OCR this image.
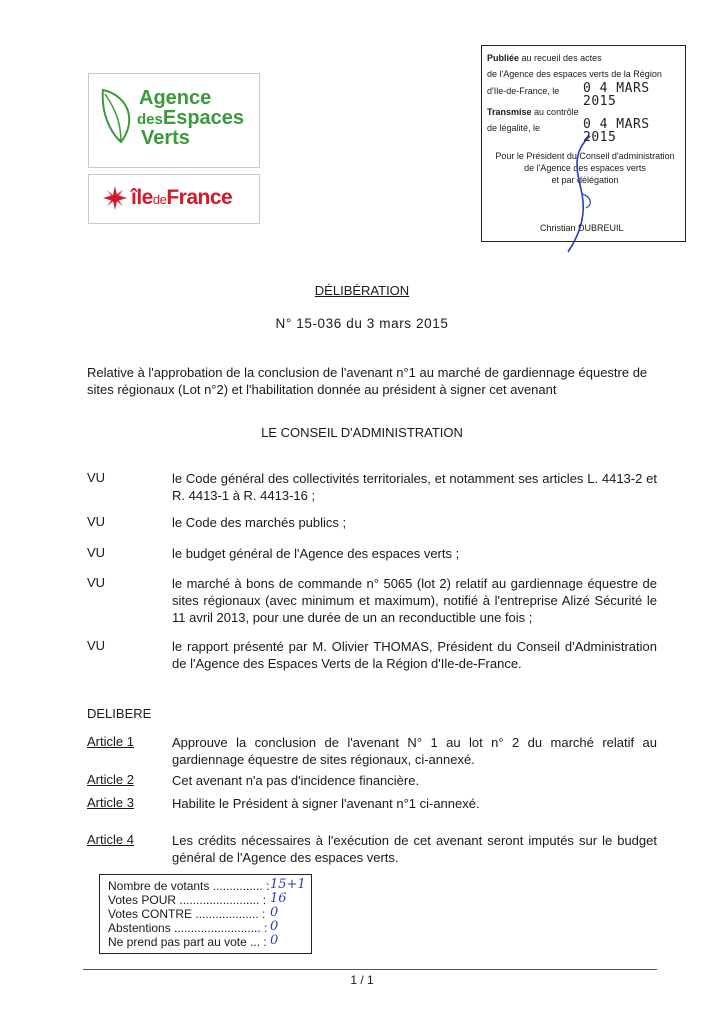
Agence
desEspaces
Verts
îledeFrance
Publiée au recueil des actes
de l'Agence des espaces verts de la Région
d'Ile-de-France, le 0 4 MARS 2015
Transmise au contrôle
de légalité, le	0 4 MARS 2015
Pour le Président du Conseil d'administration
de l'Agence des espaces verts
et par délégation
Christian DUBREUIL
DÉLIBÉRATION
N° 15-036 du 3 mars 2015
Relative à l'approbation de la conclusion de l'avenant n°1 au marché de gardiennage équestre de sites régionaux (Lot n°2) et l'habilitation donnée au président à signer cet avenant
LE CONSEIL D'ADMINISTRATION
VU	le Code général des collectivités territoriales, et notamment ses articles L. 4413-2 et R. 4413-1 à R. 4413-16 ;
VU	le Code des marchés publics ;
VU	le budget général de l'Agence des espaces verts ;
VU	le marché à bons de commande n° 5065 (lot 2) relatif au gardiennage équestre de sites régionaux (avec minimum et maximum), notifié à l'entreprise Alizé Sécurité le 11 avril 2013, pour une durée de un an reconductible une fois ;
VU	le rapport présenté par M. Olivier THOMAS, Président du Conseil d'Administration de l'Agence des Espaces Verts de la Région d'Ile-de-France.
DELIBERE
Article 1	Approuve la conclusion de l'avenant N° 1 au lot n° 2 du marché relatif au gardiennage équestre de sites régionaux, ci-annexé.
Article 2	Cet avenant n'a pas d'incidence financière.
Article 3	Habilite le Président à signer l'avenant n°1 ci-annexé.
Article 4	Les crédits nécessaires à l'exécution de cet avenant seront imputés sur le budget général de l'Agence des espaces verts.
Nombre de votants ............... : 15+1
Votes POUR ........................ : 16
Votes CONTRE ................... : 0
Abstentions .......................... : 0
Ne prend pas part au vote ... : 0
1 / 1
